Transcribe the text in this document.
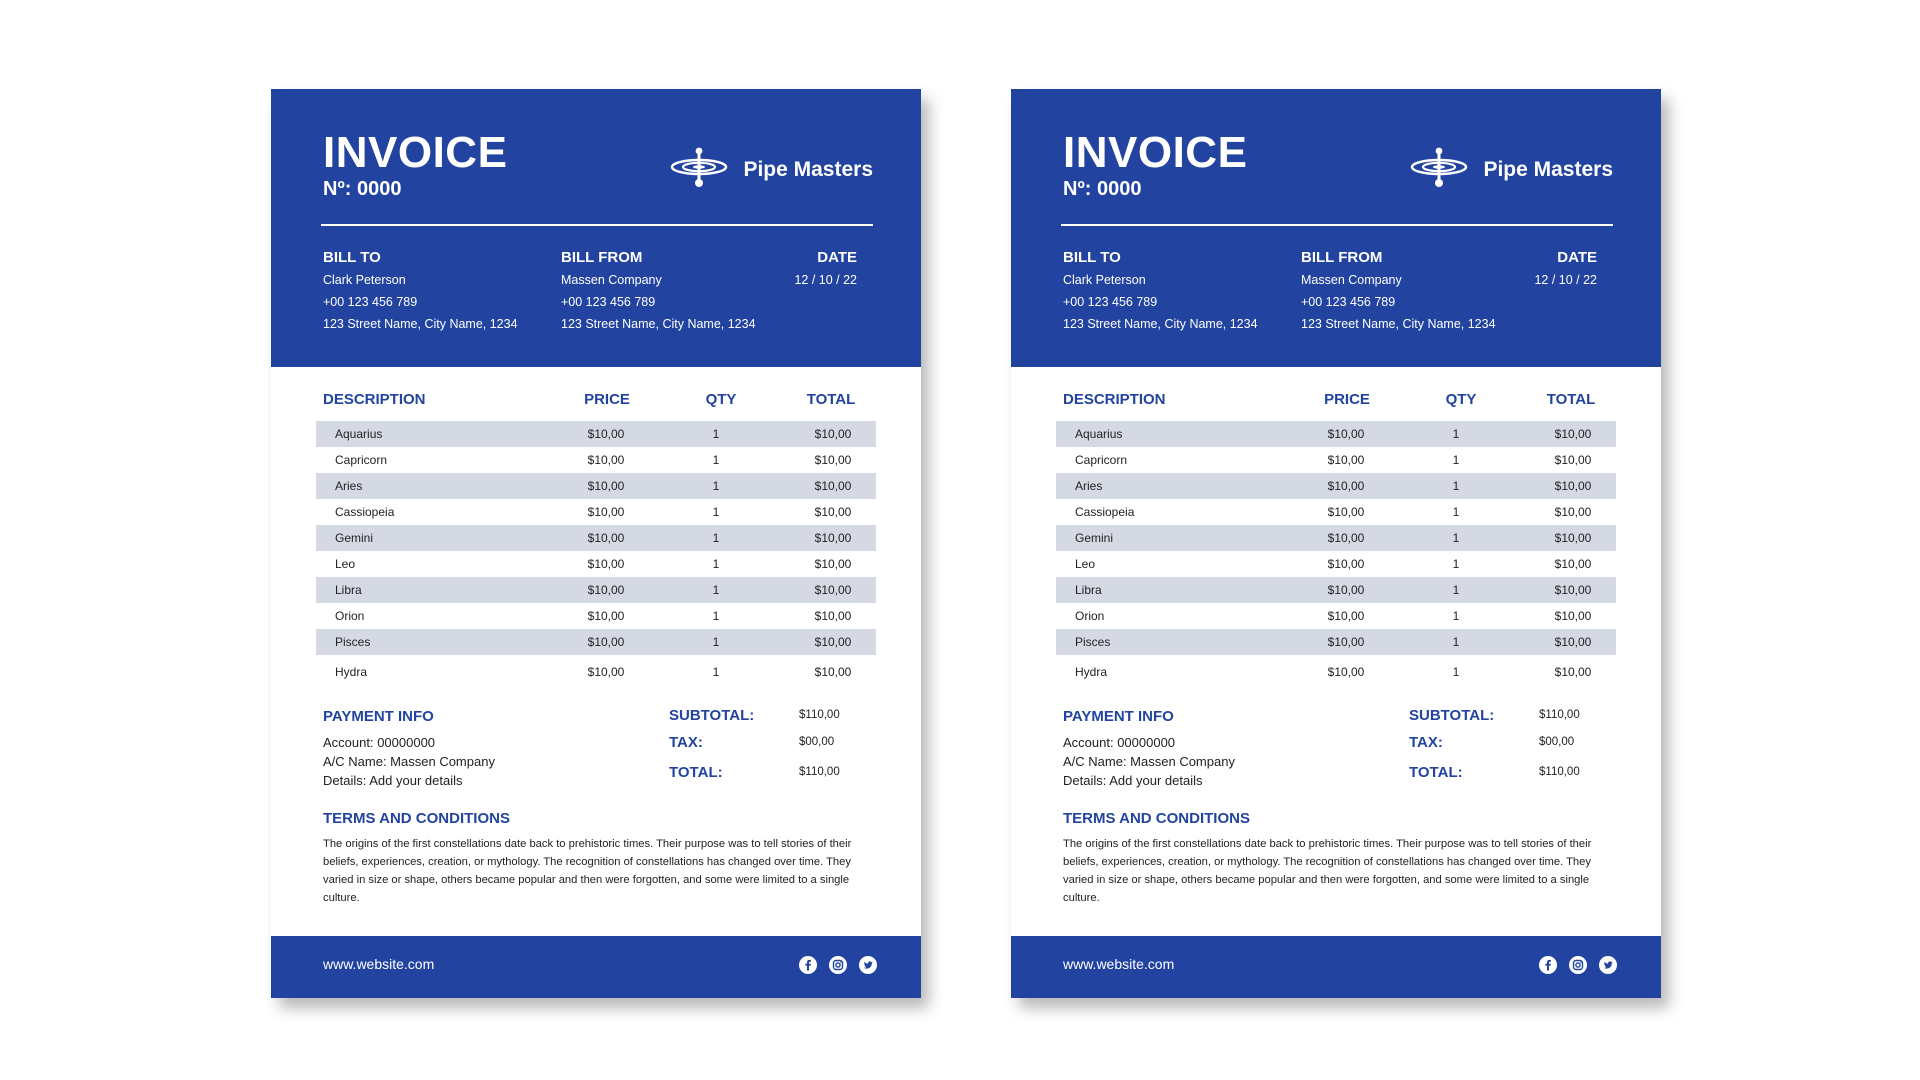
INVOICE
Nº: 0000
Pipe Masters
BILL TO
Clark Peterson
+00 123 456 789
123 Street Name, City Name, 1234
BILL FROM
Massen Company
+00 123 456 789
123 Street Name, City Name, 1234
DATE
12 / 10 / 22
DESCRIPTION	PRICE	QTY	TOTAL
Aquarius	$10,00	1	$10,00
Capricorn	$10,00	1	$10,00
Aries	$10,00	1	$10,00
Cassiopeia	$10,00	1	$10,00
Gemini	$10,00	1	$10,00
Leo	$10,00	1	$10,00
Libra	$10,00	1	$10,00
Orion	$10,00	1	$10,00
Pisces	$10,00	1	$10,00
Hydra	$10,00	1	$10,00
PAYMENT INFO
Account: 00000000
A/C Name: Massen Company
Details: Add your details
SUBTOTAL:	$110,00
TAX:	$00,00
TOTAL:	$110,00
TERMS AND CONDITIONS

The origins of the first constellations date back to prehistoric times. Their purpose was to tell stories of their beliefs, experiences, creation, or mythology. The recognition of constellations has changed over time. They varied in size or shape, others became popular and then were forgotten, and some were limited to a single culture.

www.website.com
INVOICE
Nº: 0000
Pipe Masters
BILL TO
Clark Peterson
+00 123 456 789
123 Street Name, City Name, 1234
BILL FROM
Massen Company
+00 123 456 789
123 Street Name, City Name, 1234
DATE
12 / 10 / 22
DESCRIPTION	PRICE	QTY	TOTAL
Aquarius	$10,00	1	$10,00
Capricorn	$10,00	1	$10,00
Aries	$10,00	1	$10,00
Cassiopeia	$10,00	1	$10,00
Gemini	$10,00	1	$10,00
Leo	$10,00	1	$10,00
Libra	$10,00	1	$10,00
Orion	$10,00	1	$10,00
Pisces	$10,00	1	$10,00
Hydra	$10,00	1	$10,00
PAYMENT INFO
Account: 00000000
A/C Name: Massen Company
Details: Add your details
SUBTOTAL:	$110,00
TAX:	$00,00
TOTAL:	$110,00
TERMS AND CONDITIONS

The origins of the first constellations date back to prehistoric times. Their purpose was to tell stories of their beliefs, experiences, creation, or mythology. The recognition of constellations has changed over time. They varied in size or shape, others became popular and then were forgotten, and some were limited to a single culture.

www.website.com
